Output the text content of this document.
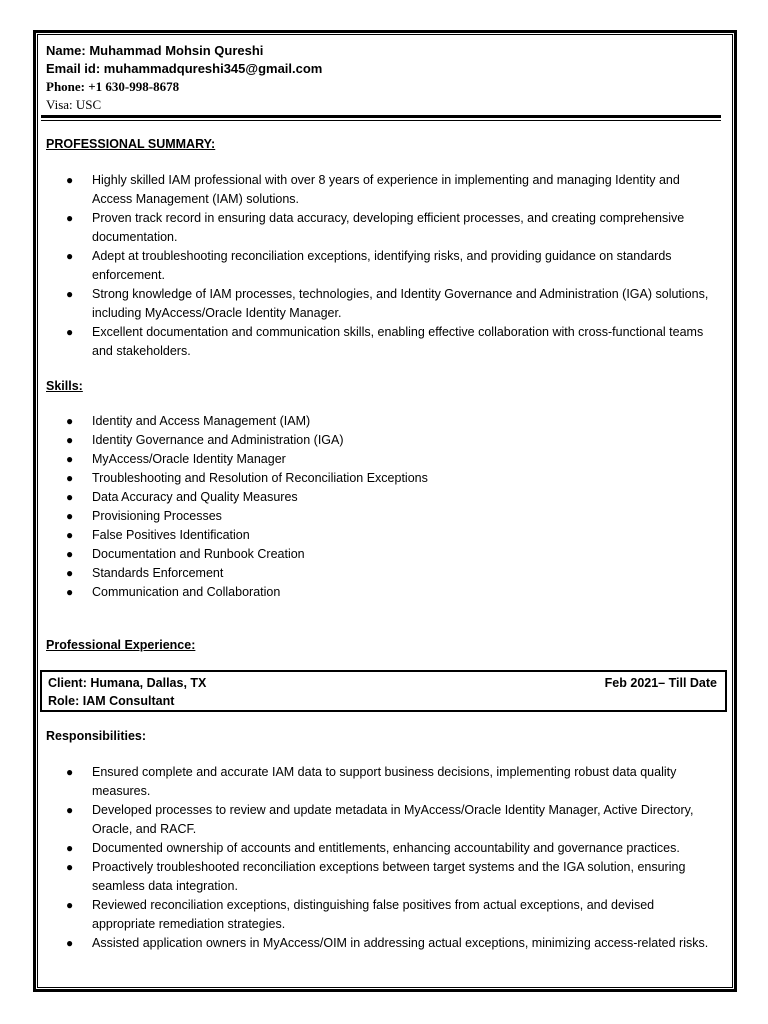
Name: Muhammad Mohsin Qureshi
Email id: muhammadqureshi345@gmail.com
Phone: +1 630-998-8678
Visa: USC
PROFESSIONAL SUMMARY:
● Highly skilled IAM professional with over 8 years of experience in implementing and managing Identity and Access Management (IAM) solutions.
● Proven track record in ensuring data accuracy, developing efficient processes, and creating comprehensive documentation.
● Adept at troubleshooting reconciliation exceptions, identifying risks, and providing guidance on standards enforcement.
● Strong knowledge of IAM processes, technologies, and Identity Governance and Administration (IGA) solutions, including MyAccess/Oracle Identity Manager.
● Excellent documentation and communication skills, enabling effective collaboration with cross-functional teams and stakeholders.
Skills:
● Identity and Access Management (IAM)
● Identity Governance and Administration (IGA)
● MyAccess/Oracle Identity Manager
● Troubleshooting and Resolution of Reconciliation Exceptions
● Data Accuracy and Quality Measures
● Provisioning Processes
● False Positives Identification
● Documentation and Runbook Creation
● Standards Enforcement
● Communication and Collaboration
Professional Experience:
Client: Humana, Dallas, TX	Feb 2021– Till Date
Role: IAM Consultant
Responsibilities:
● Ensured complete and accurate IAM data to support business decisions, implementing robust data quality measures.
● Developed processes to review and update metadata in MyAccess/Oracle Identity Manager, Active Directory, Oracle, and RACF.
● Documented ownership of accounts and entitlements, enhancing accountability and governance practices.
● Proactively troubleshooted reconciliation exceptions between target systems and the IGA solution, ensuring seamless data integration.
● Reviewed reconciliation exceptions, distinguishing false positives from actual exceptions, and devised appropriate remediation strategies.
● Assisted application owners in MyAccess/OIM in addressing actual exceptions, minimizing access-related risks.
